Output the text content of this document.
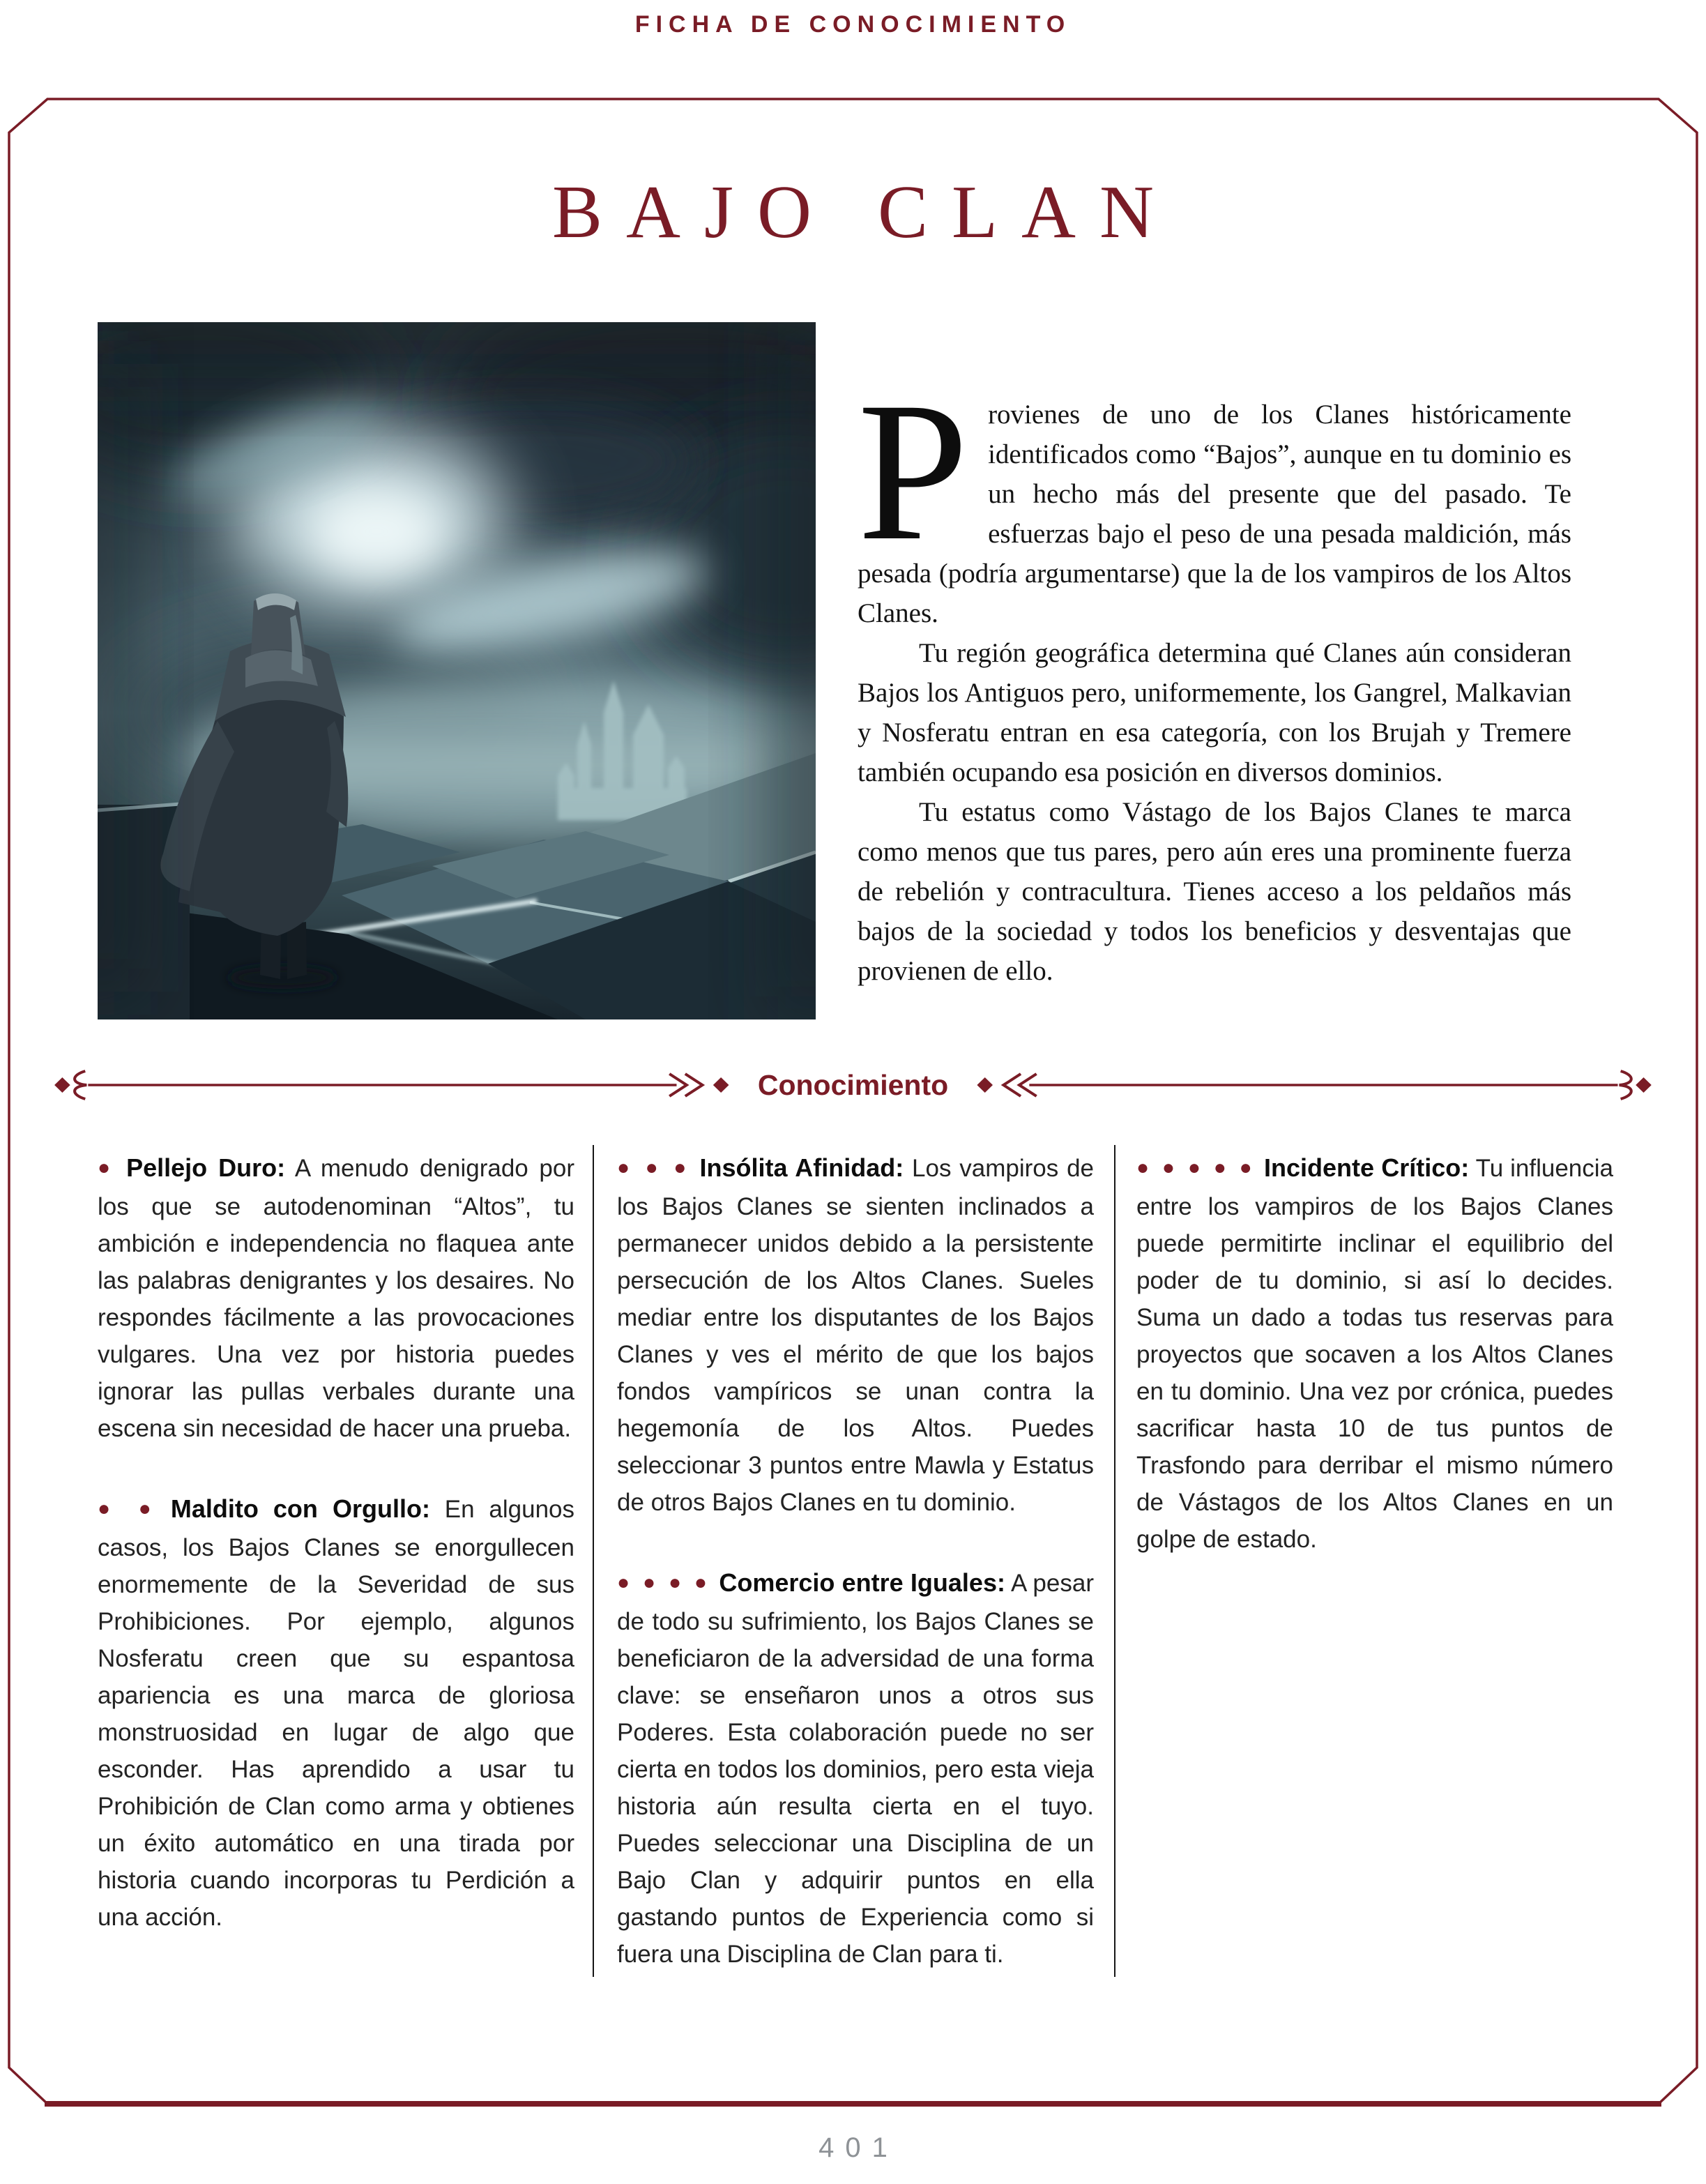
FICHA DE CONOCIMIENTO
BAJO CLAN

Provienes de uno de los Clanes históricamente identificados como “Bajos”, aunque en tu dominio es un hecho más del presente que del pasado. Te esfuerzas bajo el peso de una pesada maldición, más pesada (podría argumentarse) que la de los vampiros de los Altos Clanes.

Tu región geográfica determina qué Clanes aún consideran Bajos los Antiguos pero, uniformemente, los Gangrel, Malkavian y Nosferatu entran en esa categoría, con los Brujah y Tremere también ocupando esa posición en diversos dominios.

Tu estatus como Vástago de los Bajos Clanes te marca como menos que tus pares, pero aún eres una prominente fuerza de rebelión y contracultura. Tienes acceso a los peldaños más bajos de la sociedad y todos los beneficios y desventajas que provienen de ello.

Conocimiento

● Pellejo Duro: A menudo denigrado por los que se autodenominan “Altos”, tu ambición e independencia no flaquea ante las palabras denigrantes y los desaires. No respondes fácilmente a las provocaciones vulgares. Una vez por historia puedes ignorar las pullas verbales durante una escena sin necesidad de hacer una prueba.

● ● Maldito con Orgullo: En algunos casos, los Bajos Clanes se enorgullecen enormemente de la Severidad de sus Prohibiciones. Por ejemplo, algunos Nosferatu creen que su espantosa apariencia es una marca de gloriosa monstruosidad en lugar de algo que esconder. Has aprendido a usar tu Prohibición de Clan como arma y obtienes un éxito automático en una tirada por historia cuando incorporas tu Perdición a una acción.

● ● ● Insólita Afinidad: Los vampiros de los Bajos Clanes se sienten inclinados a permanecer unidos debido a la persistente persecución de los Altos Clanes. Sueles mediar entre los disputantes de los Bajos Clanes y ves el mérito de que los bajos fondos vampíricos se unan contra la hegemonía de los Altos. Puedes seleccionar 3 puntos entre Mawla y Estatus de otros Bajos Clanes en tu dominio.

● ● ● ● Comercio entre Iguales: A pesar de todo su sufrimiento, los Bajos Clanes se beneficiaron de la adversidad de una forma clave: se enseñaron unos a otros sus Poderes. Esta colaboración puede no ser cierta en todos los dominios, pero esta vieja historia aún resulta cierta en el tuyo. Puedes seleccionar una Disciplina de un Bajo Clan y adquirir puntos en ella gastando puntos de Experiencia como si fuera una Disciplina de Clan para ti.

● ● ● ● ● Incidente Crítico: Tu influencia entre los vampiros de los Bajos Clanes puede permitirte inclinar el equilibrio del poder de tu dominio, si así lo decides. Suma un dado a todas tus reservas para proyectos que socaven a los Altos Clanes en tu dominio. Una vez por crónica, puedes sacrificar hasta 10 de tus puntos de Trasfondo para derribar el mismo número de Vástagos de los Altos Clanes en un golpe de estado.

401
